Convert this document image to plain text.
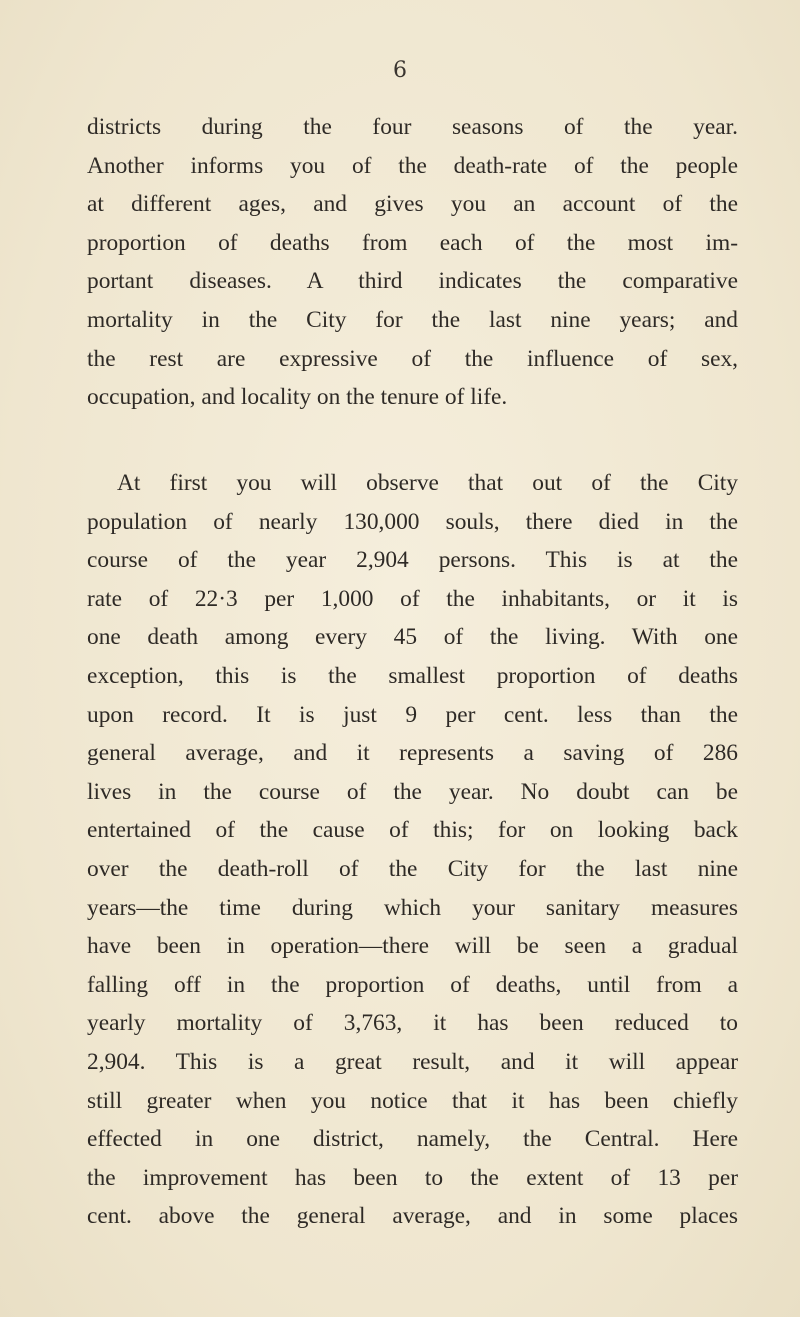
6
districts during the four seasons of the year.
Another informs you of the death-rate of the people
at different ages, and gives you an account of the
proportion of deaths from each of the most im-
portant diseases. A third indicates the comparative
mortality in the City for the last nine years; and
the rest are expressive of the influence of sex,
occupation, and locality on the tenure of life.
At first you will observe that out of the City
population of nearly 130,000 souls, there died in the
course of the year 2,904 persons. This is at the
rate of 22·3 per 1,000 of the inhabitants, or it is
one death among every 45 of the living. With one
exception, this is the smallest proportion of deaths
upon record. It is just 9 per cent. less than the
general average, and it represents a saving of 286
lives in the course of the year. No doubt can be
entertained of the cause of this; for on looking back
over the death-roll of the City for the last nine
years—the time during which your sanitary measures
have been in operation—there will be seen a gradual
falling off in the proportion of deaths, until from a
yearly mortality of 3,763, it has been reduced to
2,904. This is a great result, and it will appear
still greater when you notice that it has been chiefly
effected in one district, namely, the Central. Here
the improvement has been to the extent of 13 per
cent. above the general average, and in some places
